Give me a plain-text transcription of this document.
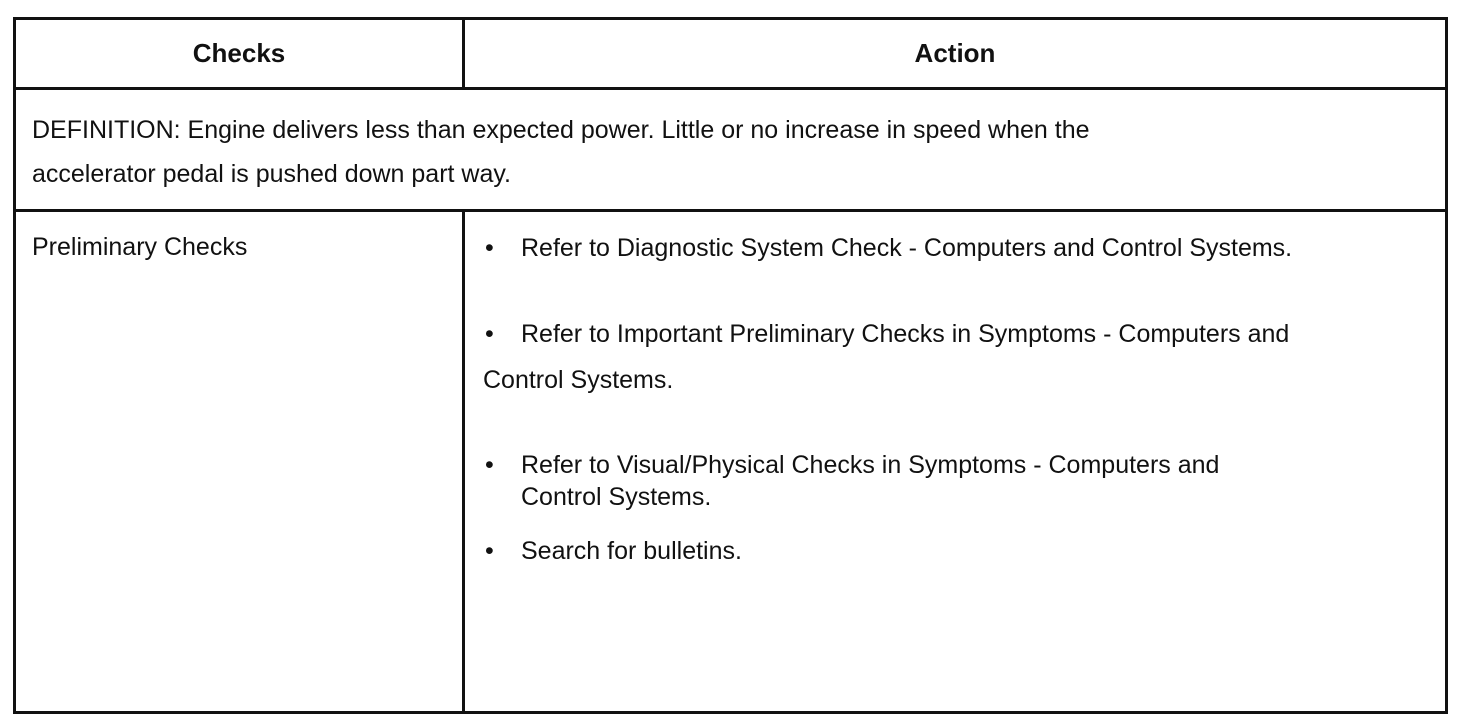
Checks	Action
DEFINITION: Engine delivers less than expected power. Little or no increase in speed when the
accelerator pedal is pushed down part way.
Preliminary Checks	• Refer to Diagnostic System Check - Computers and Control Systems.
•	Refer to Important Preliminary Checks in Symptoms - Computers and
Control Systems.
• Refer to Visual/Physical Checks in Symptoms - Computers and
Control Systems.
• Search for bulletins.
